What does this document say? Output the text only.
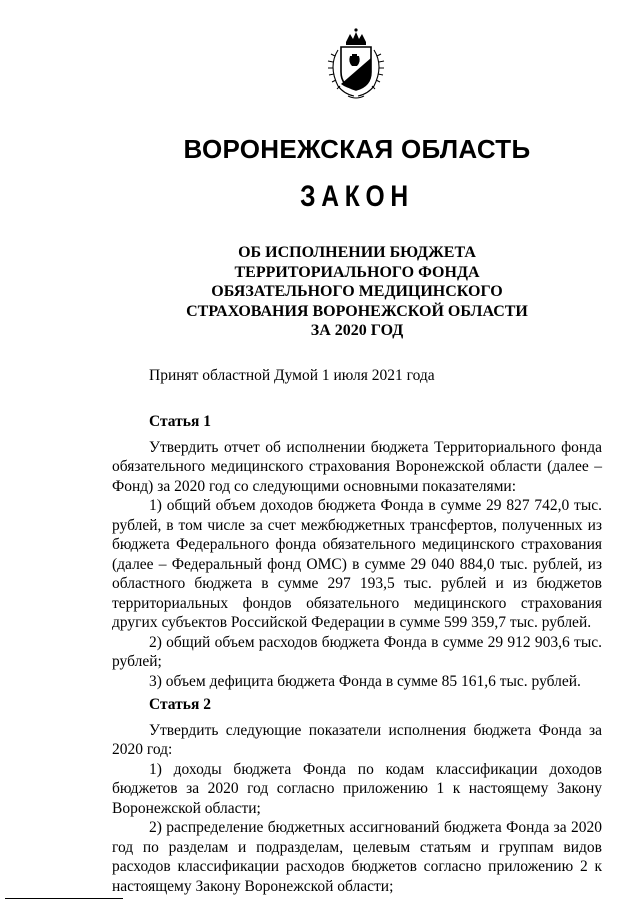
ВОРОНЕЖСКАЯ ОБЛАСТЬ
ЗАКОН
ОБ ИСПОЛНЕНИИ БЮДЖЕТА
ТЕРРИТОРИАЛЬНОГО ФОНДА
ОБЯЗАТЕЛЬНОГО МЕДИЦИНСКОГО
СТРАХОВАНИЯ ВОРОНЕЖСКОЙ ОБЛАСТИ
ЗА 2020 ГОД
Принят областной Думой 1 июля 2021 года
Статья 1

Утвердить отчет об исполнении бюджета Территориального фонда обязательного медицинского страхования Воронежской области (далее – Фонд) за 2020 год со следующими основными показателями:

1) общий объем доходов бюджета Фонда в сумме 29 827 742,0 тыс. рублей, в том числе за счет межбюджетных трансфертов, полученных из бюджета Федерального фонда обязательного медицинского страхования (далее – Федеральный фонд ОМС) в сумме 29 040 884,0 тыс. рублей, из областного бюджета в сумме 297 193,5 тыс. рублей и из бюджетов территориальных фондов обязательного медицинского страхования других субъектов Российской Федерации в сумме 599 359,7 тыс. рублей.

2) общий объем расходов бюджета Фонда в сумме 29 912 903,6 тыс. рублей;

3) объем дефицита бюджета Фонда в сумме 85 161,6 тыс. рублей.

Статья 2

Утвердить следующие показатели исполнения бюджета Фонда за 2020 год:

1) доходы бюджета Фонда по кодам классификации доходов бюджетов за 2020 год согласно приложению 1 к настоящему Закону Воронежской области;

2) распределение бюджетных ассигнований бюджета Фонда за 2020 год по разделам и подразделам, целевым статьям и группам видов расходов классификации расходов бюджетов согласно приложению 2 к настоящему Закону Воронежской области;
